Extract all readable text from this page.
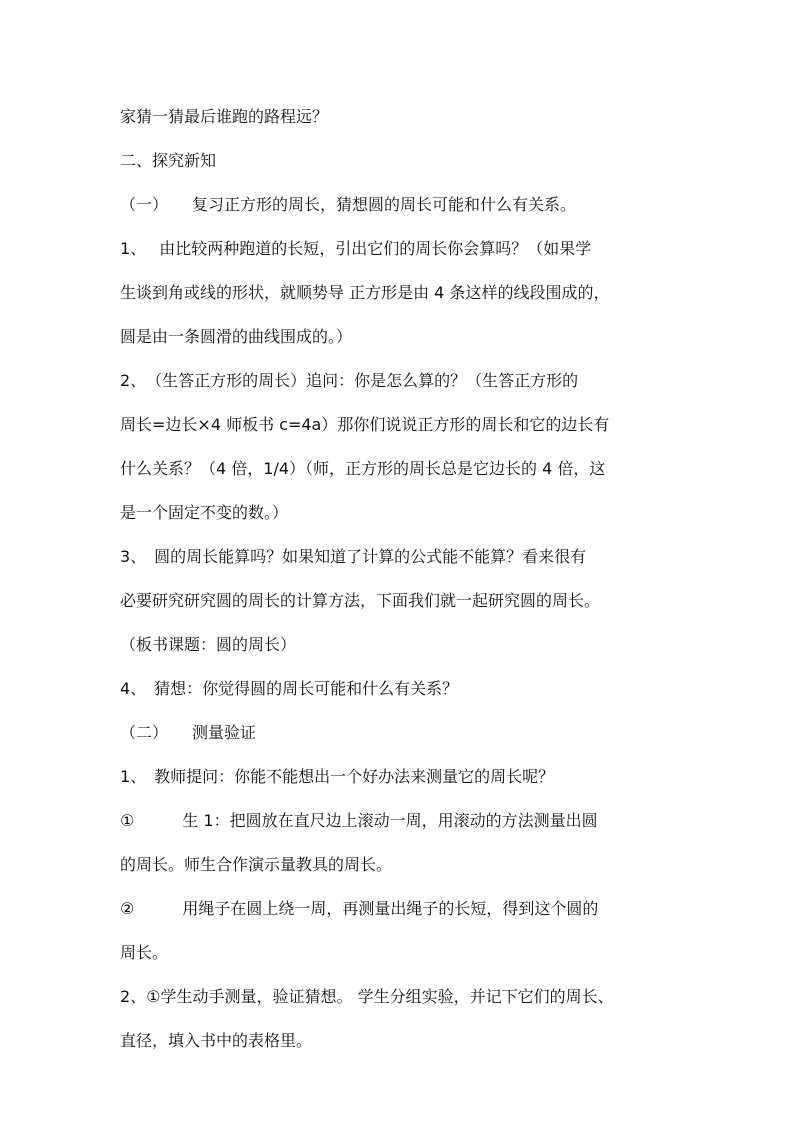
家猜一猜最后谁跑的路程远？

二、探究新知

（一）　　复习正方形的周长，猜想圆的周长可能和什么有关系。

1、　 由比较两种跑道的长短，引出它们的周长你会算吗？（如果学

生谈到角或线的形状，就顺势导 正方形是由 4 条这样的线段围成的，

圆是由一条圆滑的曲线围成的。）

2、　（生答正方形的周长）追问：你是怎么算的？（生答正方形的

周长=边长×4 师板书 c=4a）那你们说说正方形的周长和它的边长有

什么关系？（4 倍，1/4）（师，正方形的周长总是它边长的 4 倍，这

是一个固定不变的数。）

3、　圆的周长能算吗？如果知道了计算的公式能不能算？看来很有

必要研究研究圆的周长的计算方法，下面我们就一起研究圆的周长。

（板书课题：圆的周长）

4、　猜想：你觉得圆的周长可能和什么有关系？

（二）　　测量验证

1、　教师提问：你能不能想出一个好办法来测量它的周长呢？

①　　　生 1：把圆放在直尺边上滚动一周，用滚动的方法测量出圆

的周长。师生合作演示量教具的周长。

②　　　用绳子在圆上绕一周，再测量出绳子的长短，得到这个圆的

周长。

2、①学生动手测量，验证猜想。 学生分组实验，并记下它们的周长、

直径，填入书中的表格里。
